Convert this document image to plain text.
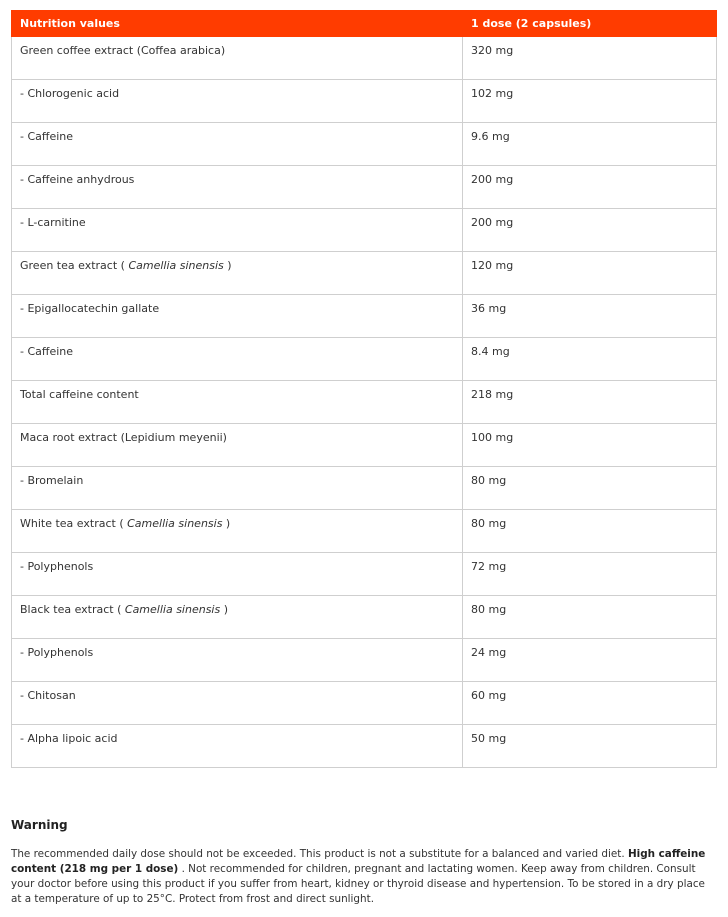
Nutrition values	1 dose (2 capsules)
Green coffee extract (Coffea arabica)	320 mg
- Chlorogenic acid	102 mg
- Caffeine	9.6 mg
- Caffeine anhydrous	200 mg
- L-carnitine	200 mg
Green tea extract ( Camellia sinensis )	120 mg
- Epigallocatechin gallate	36 mg
- Caffeine	8.4 mg
Total caffeine content	218 mg
Maca root extract (Lepidium meyenii)	100 mg
- Bromelain	80 mg
White tea extract ( Camellia sinensis )	80 mg
- Polyphenols	72 mg
Black tea extract ( Camellia sinensis )	80 mg
- Polyphenols	24 mg
- Chitosan	60 mg
- Alpha lipoic acid	50 mg
Warning

The recommended daily dose should not be exceeded. This product is not a substitute for a balanced and varied diet. High caffeine content (218 mg per 1 dose) . Not recommended for children, pregnant and lactating women. Keep away from children. Consult your doctor before using this product if you suffer from heart, kidney or thyroid disease and hypertension. To be stored in a dry place at a temperature of up to 25°C. Protect from frost and direct sunlight.
